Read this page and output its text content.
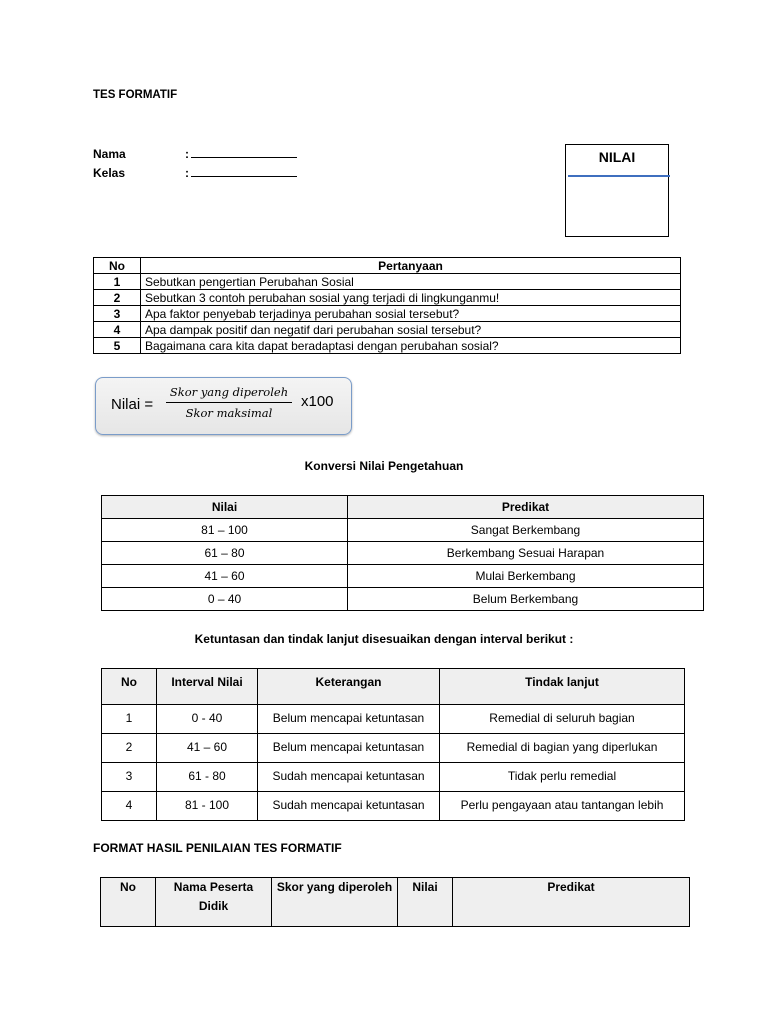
TES FORMATIF
Nama	:
Kelas	:
NILAI
No	Pertanyaan
1	Sebutkan pengertian Perubahan Sosial
2	Sebutkan 3 contoh perubahan sosial yang terjadi di lingkunganmu!
3	Apa faktor penyebab terjadinya perubahan sosial tersebut?
4	Apa dampak positif dan negatif dari perubahan sosial tersebut?
5	Bagaimana cara kita dapat beradaptasi dengan perubahan sosial?
Nilai =
Skor yang diperoleh
Skor maksimal
x100
Konversi Nilai Pengetahuan
Nilai	Predikat
81 – 100	Sangat Berkembang
61 – 80	Berkembang Sesuai Harapan
41 – 60	Mulai Berkembang
0 – 40	Belum Berkembang
Ketuntasan dan tindak lanjut disesuaikan dengan interval berikut :
No	Interval Nilai	Keterangan	Tindak lanjut
1	0 - 40	Belum mencapai ketuntasan	Remedial di seluruh bagian
2	41 – 60	Belum mencapai ketuntasan	Remedial di bagian yang diperlukan
3	61 - 80	Sudah mencapai ketuntasan	Tidak perlu remedial
4	81 - 100	Sudah mencapai ketuntasan	Perlu pengayaan atau tantangan lebih
FORMAT HASIL PENILAIAN TES FORMATIF
No	Nama Peserta Didik	Skor yang diperoleh	Nilai	Predikat
